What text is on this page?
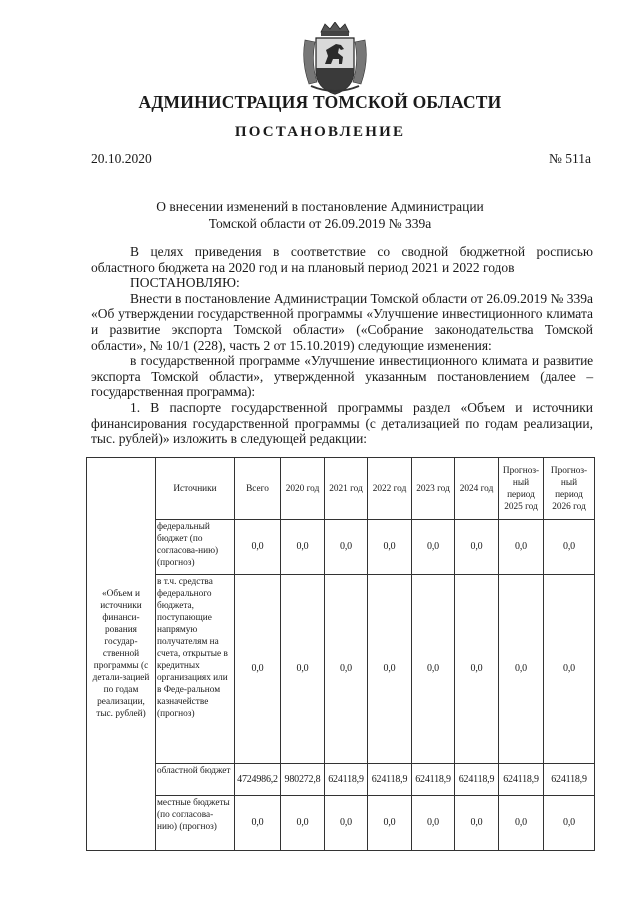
АДМИНИСТРАЦИЯ ТОМСКОЙ ОБЛАСТИ
ПОСТАНОВЛЕНИЕ
20.10.2020	№ 511а
О внесении изменений в постановление Администрации
Томской области от 26.09.2019 № 339а

В целях приведения в соответствие со сводной бюджетной росписью областного бюджета на 2020 год и на плановый период 2021 и 2022 годов

ПОСТАНОВЛЯЮ:

Внести в постановление Администрации Томской области от 26.09.2019 № 339а «Об утверждении государственной программы «Улучшение инвестиционного климата и развитие экспорта Томской области» («Собрание законодательства Томской области», № 10/1 (228), часть 2 от 15.10.2019) следующие изменения:

в государственной программе «Улучшение инвестиционного климата и развитие экспорта Томской области», утвержденной указанным постановлением (далее – государственная программа):

1. В паспорте государственной программы раздел «Объем и источники финансирования государственной программы (с детализацией по годам реализации, тыс. рублей)» изложить в следующей редакции:

«Объем и источники финанси-рования государ-ственной программы (с детали-зацией по годам реализации, тыс. рублей)	Источники	Всего	2020 год	2021 год	2022 год	2023 год	2024 год	Прогноз-ный период 2025 год	Прогноз-ный период 2026 год
	федеральный бюджет (по согласова-нию) (прогноз)	0,0	0,0	0,0	0,0	0,0	0,0	0,0	0,0
	в т.ч. средства федерального бюджета, поступающие напрямую получателям на счета, открытые в кредитных организациях или в Феде-ральном казначействе (прогноз)	0,0	0,0	0,0	0,0	0,0	0,0	0,0	0,0
	областной бюджет	4724986,2	980272,8	624118,9	624118,9	624118,9	624118,9	624118,9	624118,9
	местные бюджеты (по согласова-нию) (прогноз)	0,0	0,0	0,0	0,0	0,0	0,0	0,0	0,0
